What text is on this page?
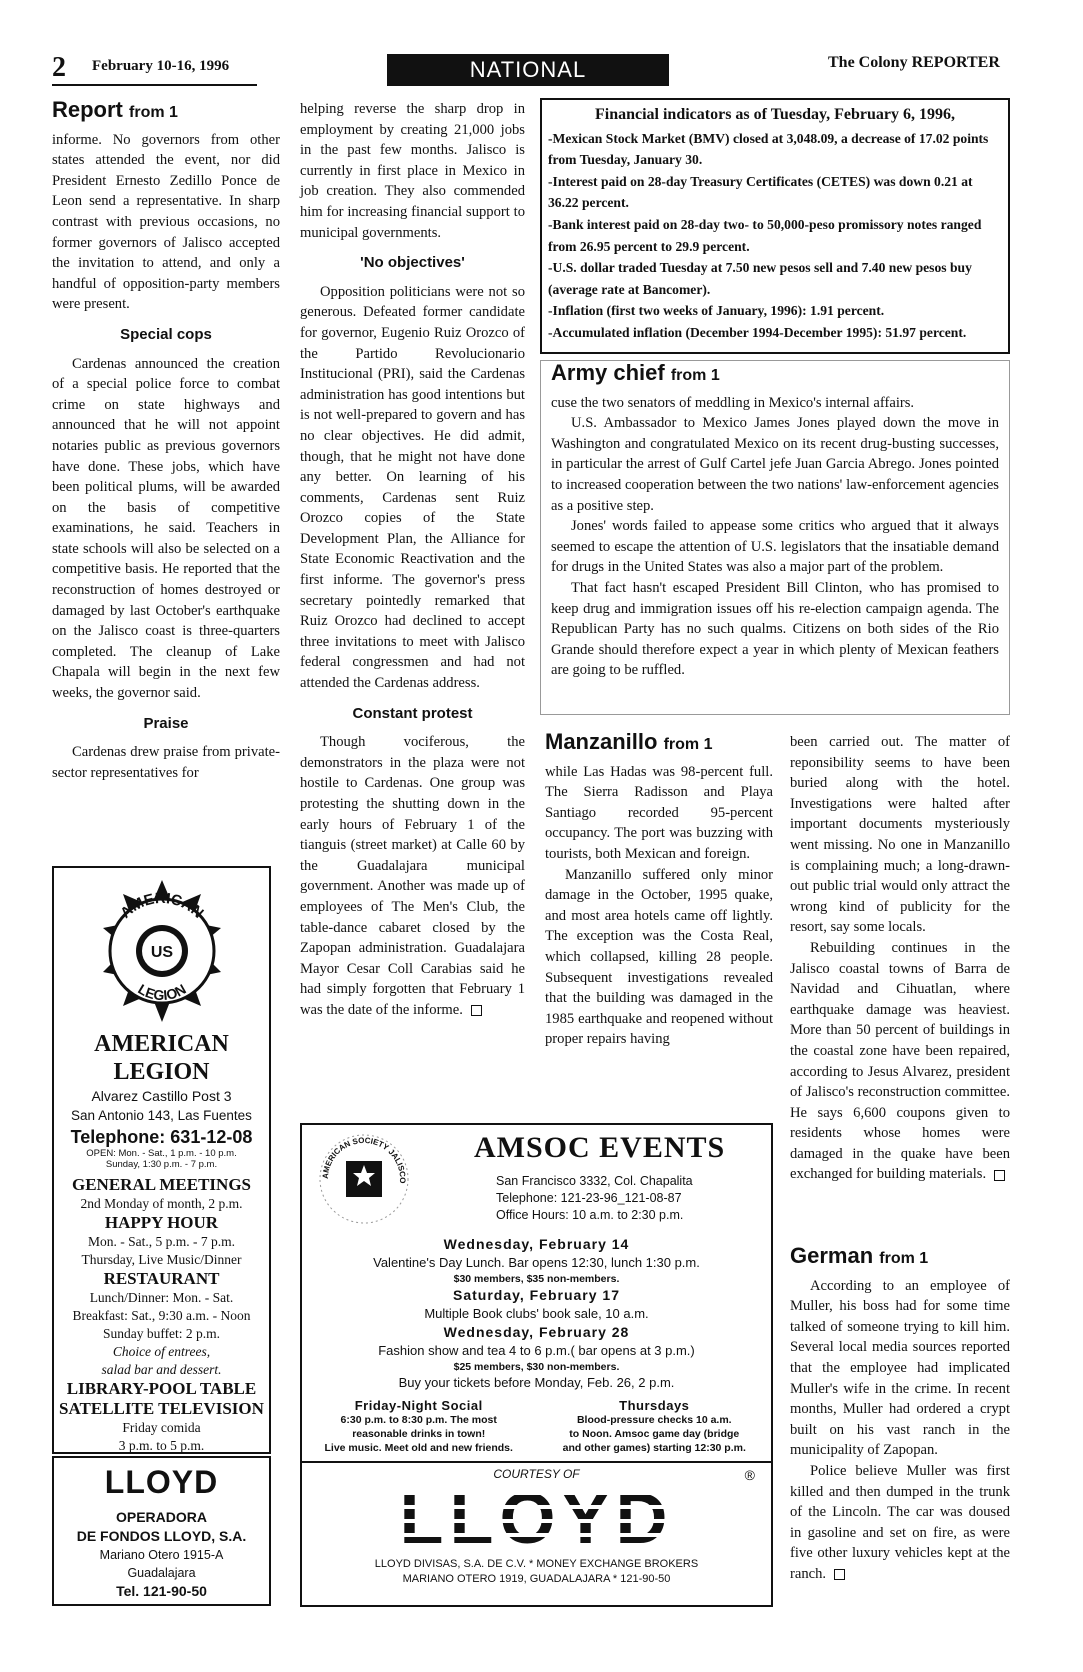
2 February 10-16, 1996	NATIONAL	The Colony REPORTER
Report from 1

informe. No governors from other states attended the event, nor did President Ernesto Zedillo Ponce de Leon send a representative. In sharp contrast with previous occasions, no former governors of Jalisco accepted the invitation to attend, and only a handful of opposition-party members were present.

Special cops

Cardenas announced the creation of a special police force to combat crime on state highways and announced that he will not appoint notaries public as previous governors have done. These jobs, which have been political plums, will be awarded on the basis of competitive examinations, he said. Teachers in state schools will also be selected on a competitive basis. He reported that the reconstruction of homes destroyed or damaged by last October's earthquake on the Jalisco coast is three-quarters completed. The cleanup of Lake Chapala will begin in the next few weeks, the governor said.

Praise

Cardenas drew praise from private-sector representatives for

helping reverse the sharp drop in employment by creating 21,000 jobs in the past few months. Jalisco is currently in first place in Mexico in job creation. They also commended him for increasing financial support to municipal governments.

'No objectives'

Opposition politicians were not so generous. Defeated former candidate for governor, Eugenio Ruiz Orozco of the Partido Revolucionario Institucional (PRI), said the Cardenas administration has good intentions but is not well-prepared to govern and has no clear objectives. He did admit, though, that he might not have done any better. On learning of his comments, Cardenas sent Ruiz Orozco copies of the State Development Plan, the Alliance for State Economic Reactivation and the first informe. The governor's press secretary pointedly remarked that Ruiz Orozco had declined to accept three invitations to meet with Jalisco federal congressmen and had not attended the Cardenas address.

Constant protest

Though vociferous, the demonstrators in the plaza were not hostile to Cardenas. One group was protesting the shutting down in the early hours of February 1 of the tianguis (street market) at Calle 60 by the Guadalajara municipal government. Another was made up of employees of The Men's Club, the table-dance cabaret closed by the Zapopan administration. Guadalajara Mayor Cesar Coll Carabias said he had simply forgotten that February 1 was the date of the informe.

Financial indicators as of Tuesday, February 6, 1996,
-Mexican Stock Market (BMV) closed at 3,048.09, a decrease of 17.02 points from Tuesday, January 30.
-Interest paid on 28-day Treasury Certificates (CETES) was down 0.21 at 36.22 percent.
-Bank interest paid on 28-day two- to 50,000-peso promissory notes ranged from 26.95 percent to 29.9 percent.
-U.S. dollar traded Tuesday at 7.50 new pesos sell and 7.40 new pesos buy (average rate at Bancomer).
-Inflation (first two weeks of January, 1996): 1.91 percent.
-Accumulated inflation (December 1994-December 1995): 51.97 percent.
Army chief from 1

cuse the two senators of meddling in Mexico's internal affairs.

U.S. Ambassador to Mexico James Jones played down the move in Washington and congratulated Mexico on its recent drug-busting successes, in particular the arrest of Gulf Cartel jefe Juan Garcia Abrego. Jones pointed to increased cooperation between the two nations' law-enforcement agencies as a positive step.

Jones' words failed to appease some critics who argued that it always seemed to escape the attention of U.S. legislators that the insatiable demand for drugs in the United States was also a major part of the problem.

That fact hasn't escaped President Bill Clinton, who has promised to keep drug and immigration issues off his re-election campaign agenda. The Republican Party has no such qualms. Citizens on both sides of the Rio Grande should therefore expect a year in which plenty of Mexican feathers are going to be ruffled.

Manzanillo from 1

while Las Hadas was 98-percent full. The Sierra Radisson and Playa Santiago recorded 95-percent occupancy. The port was buzzing with tourists, both Mexican and foreign.

Manzanillo suffered only minor damage in the October, 1995 quake, and most area hotels came off lightly. The exception was the Costa Real, which collapsed, killing 28 people. Subsequent investigations revealed that the building was damaged in the 1985 earthquake and reopened without proper repairs having

been carried out. The matter of reponsibility seems to have been buried along with the hotel. Investigations were halted after important documents mysteriously went missing. No one in Manzanillo is complaining much; a long-drawn-out public trial would only attract the wrong kind of publicity for the resort, say some locals.

Rebuilding continues in the Jalisco coastal towns of Barra de Navidad and Cihuatlan, where earthquake damage was heaviest. More than 50 percent of buildings in the coastal zone have been repaired, according to Jesus Alvarez, president of Jalisco's reconstruction committee. He says 6,600 coupons given to residents whose homes were damaged in the quake have been exchanged for building materials.

German from 1

According to an employee of Muller, his boss had for some time talked of someone trying to kill him. Several local media sources reported that the employee had implicated Muller's wife in the crime. In recent months, Muller had ordered a crypt built on his vast ranch in the municipality of Zapopan.

Police believe Muller was first killed and then dumped in the trunk of the Lincoln. The car was doused in gasoline and set on fire, as were five other luxury vehicles kept at the ranch.

AMERICAN
LEGION
US
AMERICAN
LEGION
Alvarez Castillo Post 3
San Antonio 143, Las Fuentes
Telephone: 631-12-08
OPEN: Mon. - Sat., 1 p.m. - 10 p.m.
Sunday, 1:30 p.m. - 7 p.m.
GENERAL MEETINGS
2nd Monday of month, 2 p.m.
HAPPY HOUR
Mon. - Sat., 5 p.m. - 7 p.m.
Thursday, Live Music/Dinner
RESTAURANT
Lunch/Dinner: Mon. - Sat.
Breakfast: Sat., 9:30 a.m. - Noon
Sunday buffet: 2 p.m.
Choice of entrees,
salad bar and dessert.
LIBRARY-POOL TABLE
SATELLITE TELEVISION
Friday comida
3 p.m. to 5 p.m.
LLOYD
OPERADORA
DE FONDOS LLOYD, S.A.
Mariano Otero 1915-A
Guadalajara
Tel. 121-90-50
AMERICAN SOCIETY JALISCO
AMSOC EVENTS
San Francisco 3332, Col. Chapalita
Telephone: 121-23-96_121-08-87
Office Hours: 10 a.m. to 2:30 p.m.
Wednesday, February 14
Valentine's Day Lunch. Bar opens 12:30, lunch 1:30 p.m.
$30 members, $35 non-members.
Saturday, February 17
Multiple Book clubs' book sale, 10 a.m.
Wednesday, February 28
Fashion show and tea 4 to 6 p.m.( bar opens at 3 p.m.)
$25 members, $30 non-members.
Buy your tickets before Monday, Feb. 26, 2 p.m.
Friday-Night Social
6:30 p.m. to 8:30 p.m. The most
reasonable drinks in town!
Live music. Meet old and new friends.
Thursdays
Blood-pressure checks 10 a.m.
to Noon. Amsoc game day (bridge
and other games) starting 12:30 p.m.
COURTESY OF	®
LLOYD
LLOYD DIVISAS, S.A. DE C.V. * MONEY EXCHANGE BROKERS
MARIANO OTERO 1919, GUADALAJARA * 121-90-50
